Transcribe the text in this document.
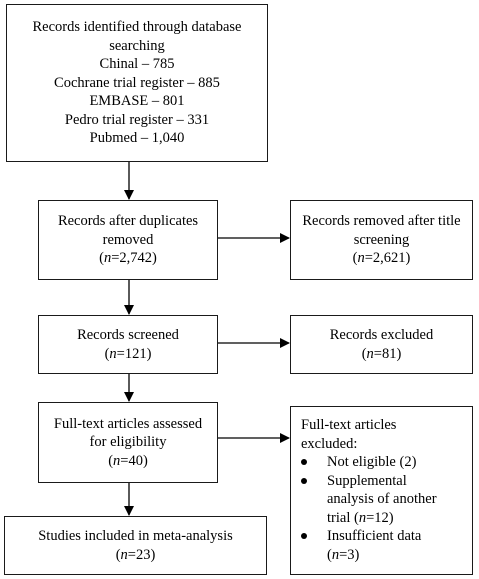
Records identified through database searching
Chinal – 785
Cochrane trial register – 885
EMBASE – 801
Pedro trial register – 331
Pubmed – 1,040
Records after duplicates removed
(n=2,742)
Records removed after title screening
(n=2,621)
Records screened
(n=121)
Records excluded
(n=81)
Full-text articles assessed for eligibility
(n=40)
Full-text articles excluded:
Not eligible (2)
Supplemental analysis of another trial (n=12)
Insufficient data (n=3)
Studies included in meta-analysis
(n=23)
